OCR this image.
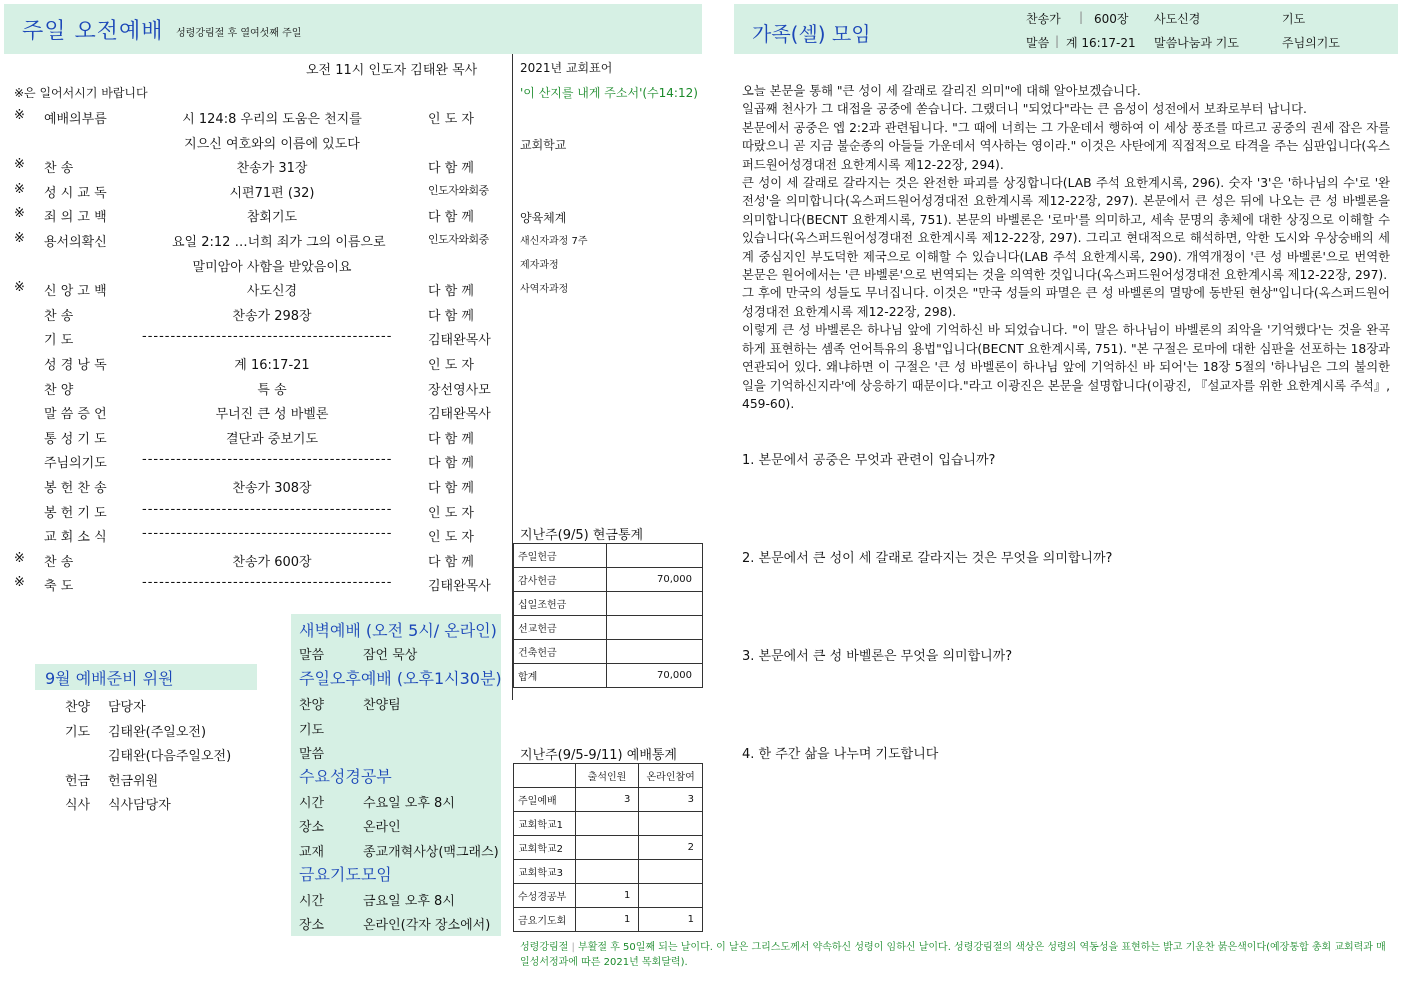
주일 오전예배 성령강림절 후 열여섯째 주일	가족(셀) 모임
찬송가 | 600장 사도신경	기도
말씀 | 계 16:17-21 말씀나눔과 기도	주님의기도
오전 11시 인도자 김태완 목사
※은 일어서시기 바랍니다
※ 예배의부름	시 124:8 우리의 도움은 천지를	인 도 자
지으신 여호와의 이름에 있도다
※ 찬 송	찬송가 31장	다 함 께
※ 성 시 교 독	시편71편 (32)	인도자와회중
※ 죄 의 고 백	참회기도	다 함 께
※ 용서의확신	요일 2:12 …너희 죄가 그의 이름으로	인도자와회중
말미암아 사함을 받았음이요
※ 신 앙 고 백	사도신경	다 함 께
찬 송	찬송가 298장	다 함 께
기 도	--------------------------------------------	김태완목사
성 경 낭 독	계 16:17-21	인 도 자
찬 양	특 송	장선영사모
말 씀 증 언	무너진 큰 성 바벨론	김태완목사
통 성 기 도	결단과 중보기도	다 함 께
주님의기도	--------------------------------------------	다 함 께
봉 헌 찬 송	찬송가 308장	다 함 께
봉 헌 기 도	--------------------------------------------	인 도 자
교 회 소 식	--------------------------------------------	인 도 자
※ 찬 송	찬송가 600장	다 함 께
※ 축 도	--------------------------------------------	김태완목사
2021년 교회표어
'이 산지를 내게 주소서'(수14:12)
교회학교
양육체계
새신자과정 7주
제자과정
사역자과정
지난주(9/5) 현금통계
주일헌금	
감사헌금	70,000
십일조헌금	
선교헌금	
건축헌금	
합계	70,000
지난주(9/5-9/11) 예배통계
	출석인원	온라인참여
주일예배	3	3
교회학교1		
교회학교2		2
교회학교3		
수성경공부	1	
금요기도회	1	1
새벽예배 (오전 5시/ 온라인)
말씀	잠언 묵상
주일오후예배 (오후1시30분)
찬양	찬양팀
기도
말씀
수요성경공부
시간	수요일 오후 8시
장소	온라인
교재	종교개혁사상(맥그래스)
금요기도모임
시간	금요일 오후 8시
장소	온라인(각자 장소에서)
9월 예배준비 위원
찬양 담당자
기도 김태완(주일오전)
김태완(다음주일오전)
헌금 헌금위원
식사 식사담당자

오늘 본문을 통해 "큰 성이 세 갈래로 갈리진 의미"에 대해 알아보겠습니다.

일곱째 천사가 그 대접을 공중에 쏟습니다. 그랬더니 "되었다"라는 큰 음성이 성전에서 보좌로부터 납니다.

본문에서 공중은 엡 2:2과 관련됩니다. "그 때에 너희는 그 가운데서 행하여 이 세상 풍조를 따르고 공중의 권세 잡은 자를 따랐으니 곧 지금 불순종의 아들들 가운데서 역사하는 영이라." 이것은 사탄에게 직접적으로 타격을 주는 심판입니다(옥스퍼드원어성경대전 요한계시록 제12-22장, 294).

큰 성이 세 갈래로 갈라지는 것은 완전한 파괴를 상징합니다(LAB 주석 요한계시록, 296). 숫자 '3'은 '하나님의 수'로 '완전성'을 의미합니다(옥스퍼드원어성경대전 요한계시록 제12-22장, 297). 본문에서 큰 성은 뒤에 나오는 큰 성 바벨론을 의미합니다(BECNT 요한계시록, 751). 본문의 바벨론은 '로마'를 의미하고, 세속 문명의 총체에 대한 상징으로 이해할 수 있습니다(옥스퍼드원어성경대전 요한계시록 제12-22장, 297). 그리고 현대적으로 해석하면, 악한 도시와 우상숭배의 세계 중심지인 부도덕한 제국으로 이해할 수 있습니다(LAB 주석 요한계시록, 290). 개역개정이 '큰 성 바벨론'으로 번역한 본문은 원어에서는 '큰 바벨론'으로 번역되는 것을 의역한 것입니다(옥스퍼드원어성경대전 요한계시록 제12-22장, 297).

그 후에 만국의 성들도 무너집니다. 이것은 "만국 성들의 파멸은 큰 성 바벨론의 멸망에 동반된 현상"입니다(옥스퍼드원어성경대전 요한계시록 제12-22장, 298).

이렇게 큰 성 바벨론은 하나님 앞에 기억하신 바 되었습니다. "이 말은 하나님이 바벨론의 죄악을 '기억했다'는 것을 완곡하게 표현하는 셈족 언어특유의 용법"입니다(BECNT 요한계시록, 751). "본 구절은 로마에 대한 심판을 선포하는 18장과 연관되어 있다. 왜냐하면 이 구절은 '큰 성 바벨론이 하나님 앞에 기억하신 바 되어'는 18장 5절의 '하나님은 그의 불의한 일을 기억하신지라'에 상응하기 때문이다."라고 이광진은 본문을 설명합니다(이광진, 『설교자를 위한 요한계시록 주석』, 459-60).

1. 본문에서 공중은 무엇과 관련이 입습니까?
2. 본문에서 큰 성이 세 갈래로 갈라지는 것은 무엇을 의미합니까?
3. 본문에서 큰 성 바벨론은 무엇을 의미합니까?
4. 한 주간 삶을 나누며 기도합니다
성령강림절 | 부활절 후 50일째 되는 날이다. 이 날은 그리스도께서 약속하신 성령이 임하신 날이다. 성령강림절의 색상은 성령의 역동성을 표현하는 밝고 기운찬 붉은색이다(예장통합 총회 교회력과 매일성서정과에 따른 2021년 목회달력).
